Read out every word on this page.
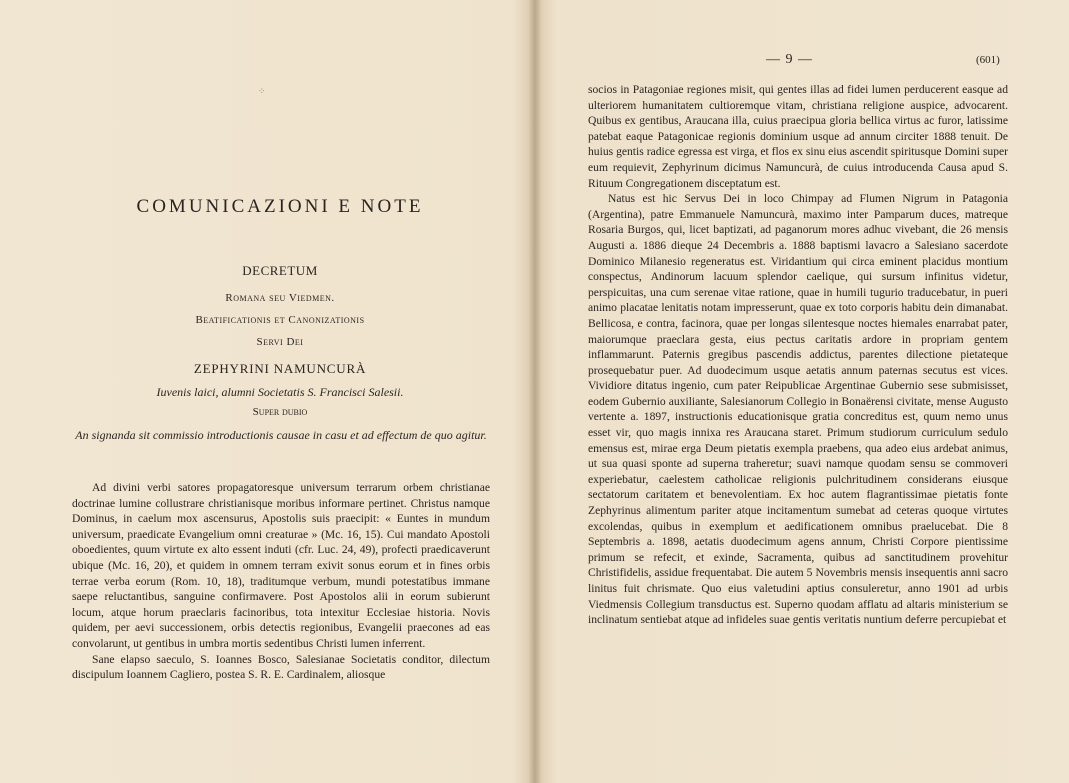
⁘
COMUNICAZIONI E NOTE
DECRETUM
Romana seu Viedmen.
Beatificationis et Canonizationis
Servi Dei
ZEPHYRINI NAMUNCURÀ
Iuvenis laici, alumni Societatis S. Francisci Salesii.
Super dubio
An signanda sit commissio introductionis causae in casu et ad effectum de quo agitur.

Ad divini verbi satores propagatoresque universum terrarum orbem christianae doctrinae lumine collustrare christianisque moribus informare pertinet. Christus namque Dominus, in caelum mox ascensurus, Apostolis suis praecipit: « Euntes in mundum universum, praedicate Evangelium omni creaturae » (Mc. 16, 15). Cui mandato Apostoli oboedientes, quum virtute ex alto essent induti (cfr. Luc. 24, 49), profecti praedicaverunt ubique (Mc. 16, 20), et quidem in omnem terram exivit sonus eorum et in fines orbis terrae verba eorum (Rom. 10, 18), traditumque verbum, mundi potestatibus immane saepe reluctantibus, sanguine confirmavere. Post Apostolos alii in eorum subierunt locum, atque horum praeclaris facinoribus, tota intexitur Ecclesiae historia. Novis quidem, per aevi successionem, orbis detectis regionibus, Evangelii praecones ad eas convolarunt, ut gentibus in umbra mortis sedentibus Christi lumen inferrent.

Sane elapso saeculo, S. Ioannes Bosco, Salesianae Societatis conditor, dilectum discipulum Ioannem Cagliero, postea S. R. E. Cardinalem, aliosque

— 9 —	(601)

socios in Patagoniae regiones misit, qui gentes illas ad fidei lumen perducerent easque ad ulteriorem humanitatem cultioremque vitam, christiana religione auspice, advocarent. Quibus ex gentibus, Araucana illa, cuius praecipua gloria bellica virtus ac furor, latissime patebat eaque Patagonicae regionis dominium usque ad annum circiter 1888 tenuit. De huius gentis radice egressa est virga, et flos ex sinu eius ascendit spiritusque Domini super eum requievit, Zephyrinum dicimus Namuncurà, de cuius introducenda Causa apud S. Rituum Congregationem disceptatum est.

Natus est hic Servus Dei in loco Chimpay ad Flumen Nigrum in Patagonia (Argentina), patre Emmanuele Namuncurà, maximo inter Pamparum duces, matreque Rosaria Burgos, qui, licet baptizati, ad paganorum mores adhuc vivebant, die 26 mensis Augusti a. 1886 dieque 24 Decembris a. 1888 baptismi lavacro a Salesiano sacerdote Dominico Milanesio regeneratus est. Viridantium qui circa eminent placidus montium conspectus, Andinorum lacuum splendor caelique, qui sursum infinitus videtur, perspicuitas, una cum serenae vitae ratione, quae in humili tugurio traducebatur, in pueri animo placatae lenitatis notam impresserunt, quae ex toto corporis habitu dein dimanabat. Bellicosa, e contra, facinora, quae per longas silentesque noctes hiemales enarrabat pater, maiorumque praeclara gesta, eius pectus caritatis ardore in propriam gentem inflammarunt. Paternis gregibus pascendis addictus, parentes dilectione pietateque prosequebatur puer. Ad duodecimum usque aetatis annum paternas secutus est vices. Vividiore ditatus ingenio, cum pater Reipublicae Argentinae Gubernio sese submisisset, eodem Gubernio auxiliante, Salesianorum Collegio in Bonaërensi civitate, mense Augusto vertente a. 1897, instructionis educationisque gratia concreditus est, quum nemo unus esset vir, quo magis innixa res Araucana staret. Primum studiorum curriculum sedulo emensus est, mirae erga Deum pietatis exempla praebens, qua adeo eius ardebat animus, ut sua quasi sponte ad superna traheretur; suavi namque quodam sensu se commoveri experiebatur, caelestem catholicae religionis pulchritudinem considerans eiusque sectatorum caritatem et benevolentiam. Ex hoc autem flagrantissimae pietatis fonte Zephyrinus alimentum pariter atque incitamentum sumebat ad ceteras quoque virtutes excolendas, quibus in exemplum et aedificationem omnibus praelucebat. Die 8 Septembris a. 1898, aetatis duodecimum agens annum, Christi Corpore pientissime primum se refecit, et exinde, Sacramenta, quibus ad sanctitudinem provehitur Christifidelis, assidue frequentabat. Die autem 5 Novembris mensis insequentis anni sacro linitus fuit chrismate. Quo eius valetudini aptius consuleretur, anno 1901 ad urbis Viedmensis Collegium transductus est. Superno quodam afflatu ad altaris ministerium se inclinatum sentiebat atque ad infideles suae gentis veritatis nuntium deferre percupiebat et
